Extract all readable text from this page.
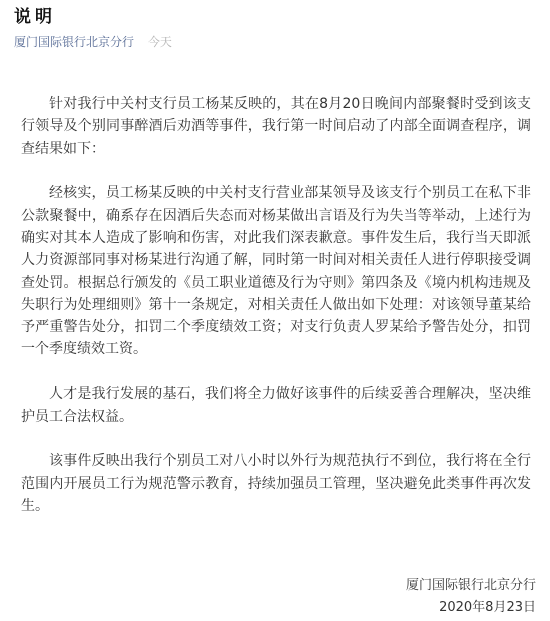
说明
厦门国际银行北京分行 今天

针对我行中关村支行员工杨某反映的，其在8月20日晚间内部聚餐时受到该支行领导及个别同事醉酒后劝酒等事件，我行第一时间启动了内部全面调查程序，调查结果如下：

经核实，员工杨某反映的中关村支行营业部某领导及该支行个别员工在私下非公款聚餐中，确系存在因酒后失态而对杨某做出言语及行为失当等举动，上述行为确实对其本人造成了影响和伤害，对此我们深表歉意。事件发生后，我行当天即派人力资源部同事对杨某进行沟通了解，同时第一时间对相关责任人进行停职接受调查处罚。根据总行颁发的《员工职业道德及行为守则》第四条及《境内机构违规及失职行为处理细则》第十一条规定，对相关责任人做出如下处理：对该领导董某给予严重警告处分，扣罚二个季度绩效工资；对支行负责人罗某给予警告处分，扣罚一个季度绩效工资。

人才是我行发展的基石，我们将全力做好该事件的后续妥善合理解决，坚决维护员工合法权益。

该事件反映出我行个别员工对八小时以外行为规范执行不到位，我行将在全行范围内开展员工行为规范警示教育，持续加强员工管理，坚决避免此类事件再次发生。

厦门国际银行北京分行
2020年8月23日
